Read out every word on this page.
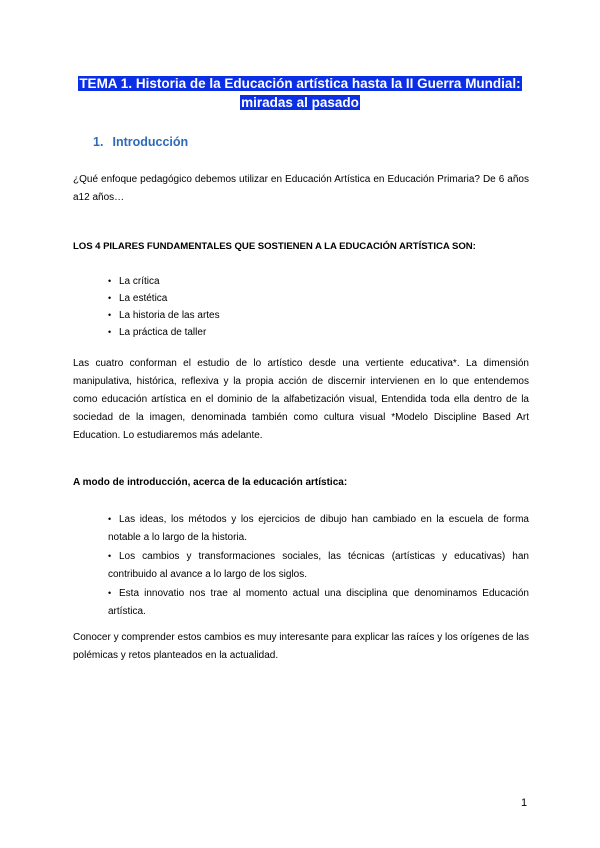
TEMA 1. Historia de la Educación artística hasta la II Guerra Mundial:
miradas al pasado
1. Introducción
¿Qué enfoque pedagógico debemos utilizar en Educación Artística en Educación Primaria? De 6 años a12 años…
LOS 4 PILARES FUNDAMENTALES QUE SOSTIENEN A LA EDUCACIÓN ARTÍSTICA SON:
• La crítica
• La estética
• La historia de las artes
• La práctica de taller
Las cuatro conforman el estudio de lo artístico desde una vertiente educativa*. La dimensión manipulativa, histórica, reflexiva y la propia acción de discernir intervienen en lo que entendemos como educación artística en el dominio de la alfabetización visual, Entendida toda ella dentro de la sociedad de la imagen, denominada también como cultura visual *Modelo Discipline Based Art Education. Lo estudiaremos más adelante.
A modo de introducción, acerca de la educación artística:
• Las ideas, los métodos y los ejercicios de dibujo han cambiado en la escuela de forma notable a lo largo de la historia.
• Los cambios y transformaciones sociales, las técnicas (artísticas y educativas) han contribuido al avance a lo largo de los siglos.
• Esta innovatio nos trae al momento actual una disciplina que denominamos Educación artística.
Conocer y comprender estos cambios es muy interesante para explicar las raíces y los orígenes de las polémicas y retos planteados en la actualidad.
1
